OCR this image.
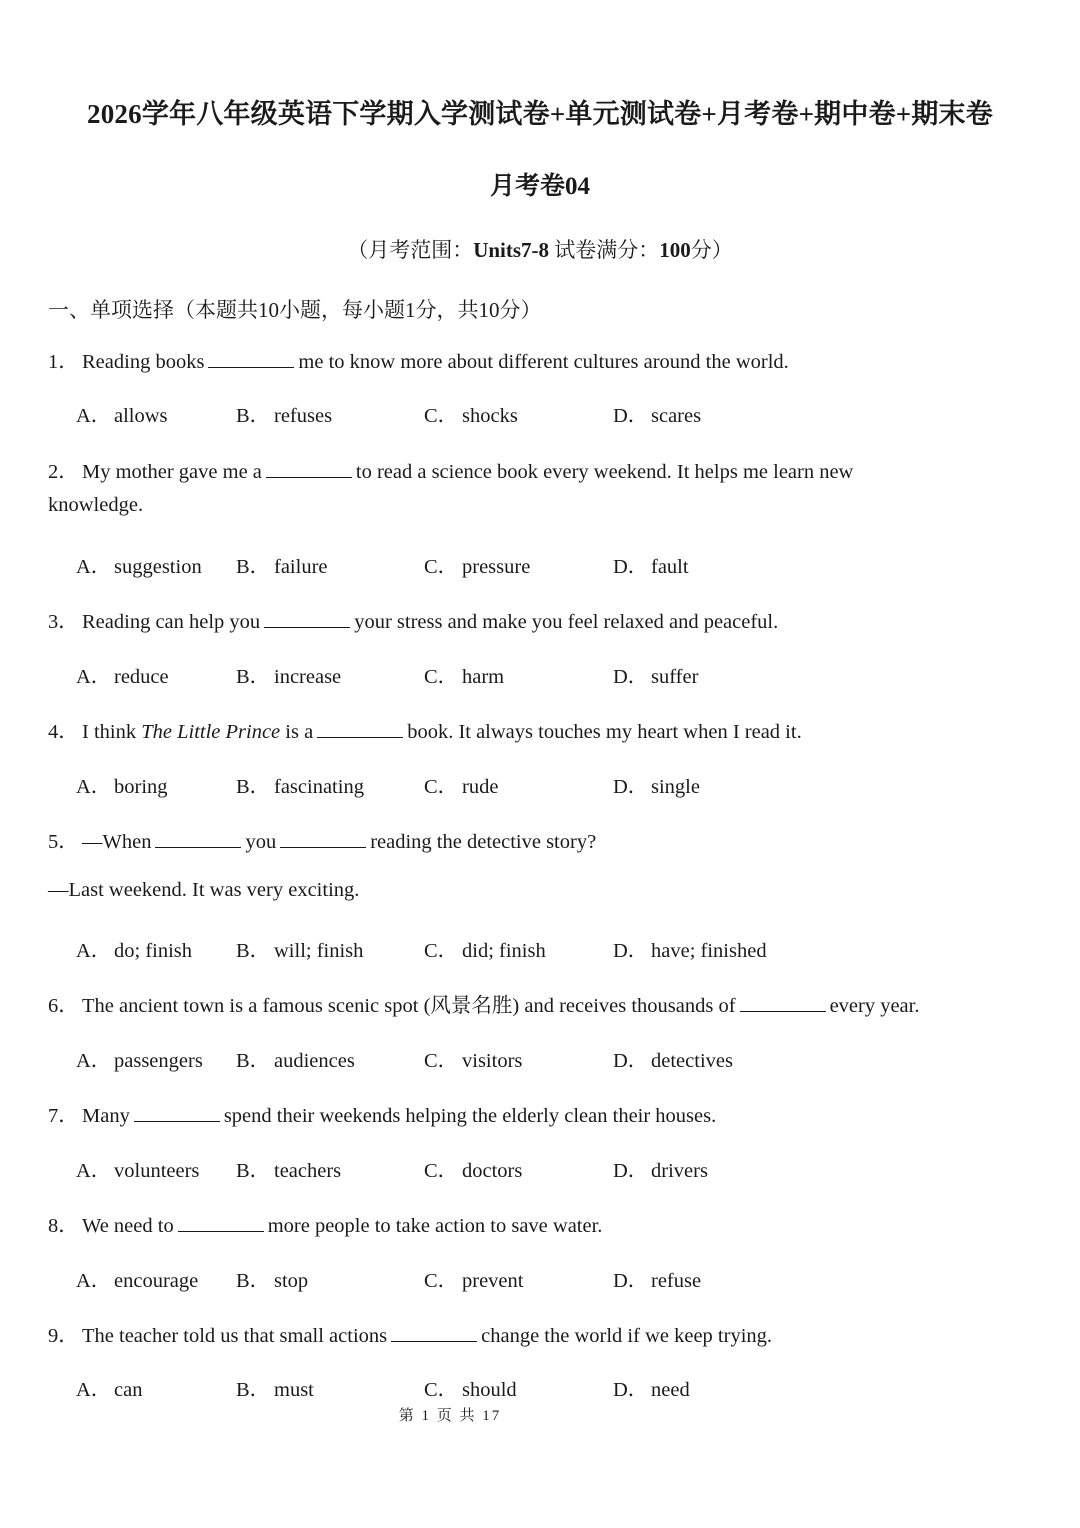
2026学年八年级英语下学期入学测试卷+单元测试卷+月考卷+期中卷+期末卷
月考卷04
（月考范围：Units7-8 试卷满分：100分）
一、单项选择（本题共10小题，每小题1分，共10分）
1． Reading books	me to know more about different cultures around the world.
A． allows	B． refuses	C． shocks	D． scares
2． My mother gave me a	to read a science book every weekend. It helps me learn new
knowledge.
A． suggestion B． failure	C． pressure	D． fault
3． Reading can help you	your stress and make you feel relaxed and peaceful.
A． reduce	B． increase	C． harm	D． suffer
4． I think The Little Prince is a	book. It always touches my heart when I read it.
A． boring	B． fascinating	C． rude	D． single
5． —When	you	reading the detective story?
—Last weekend. It was very exciting.
A． do; finish B． will; finish	C． did; finish	D． have; finished
6． The ancient town is a famous scenic spot (风景名胜) and receives thousands of	every year.
A． passengers B． audiences	C． visitors	D． detectives
7． Many	spend their weekends helping the elderly clean their houses.
A． volunteers B． teachers	C． doctors	D． drivers
8． We need to	more people to take action to save water.
A． encourage B． stop	C． prevent	D． refuse
9． The teacher told us that small actions	change the world if we keep trying.
A． can	B． must	C． should	D． need
第 1 页 共 17
